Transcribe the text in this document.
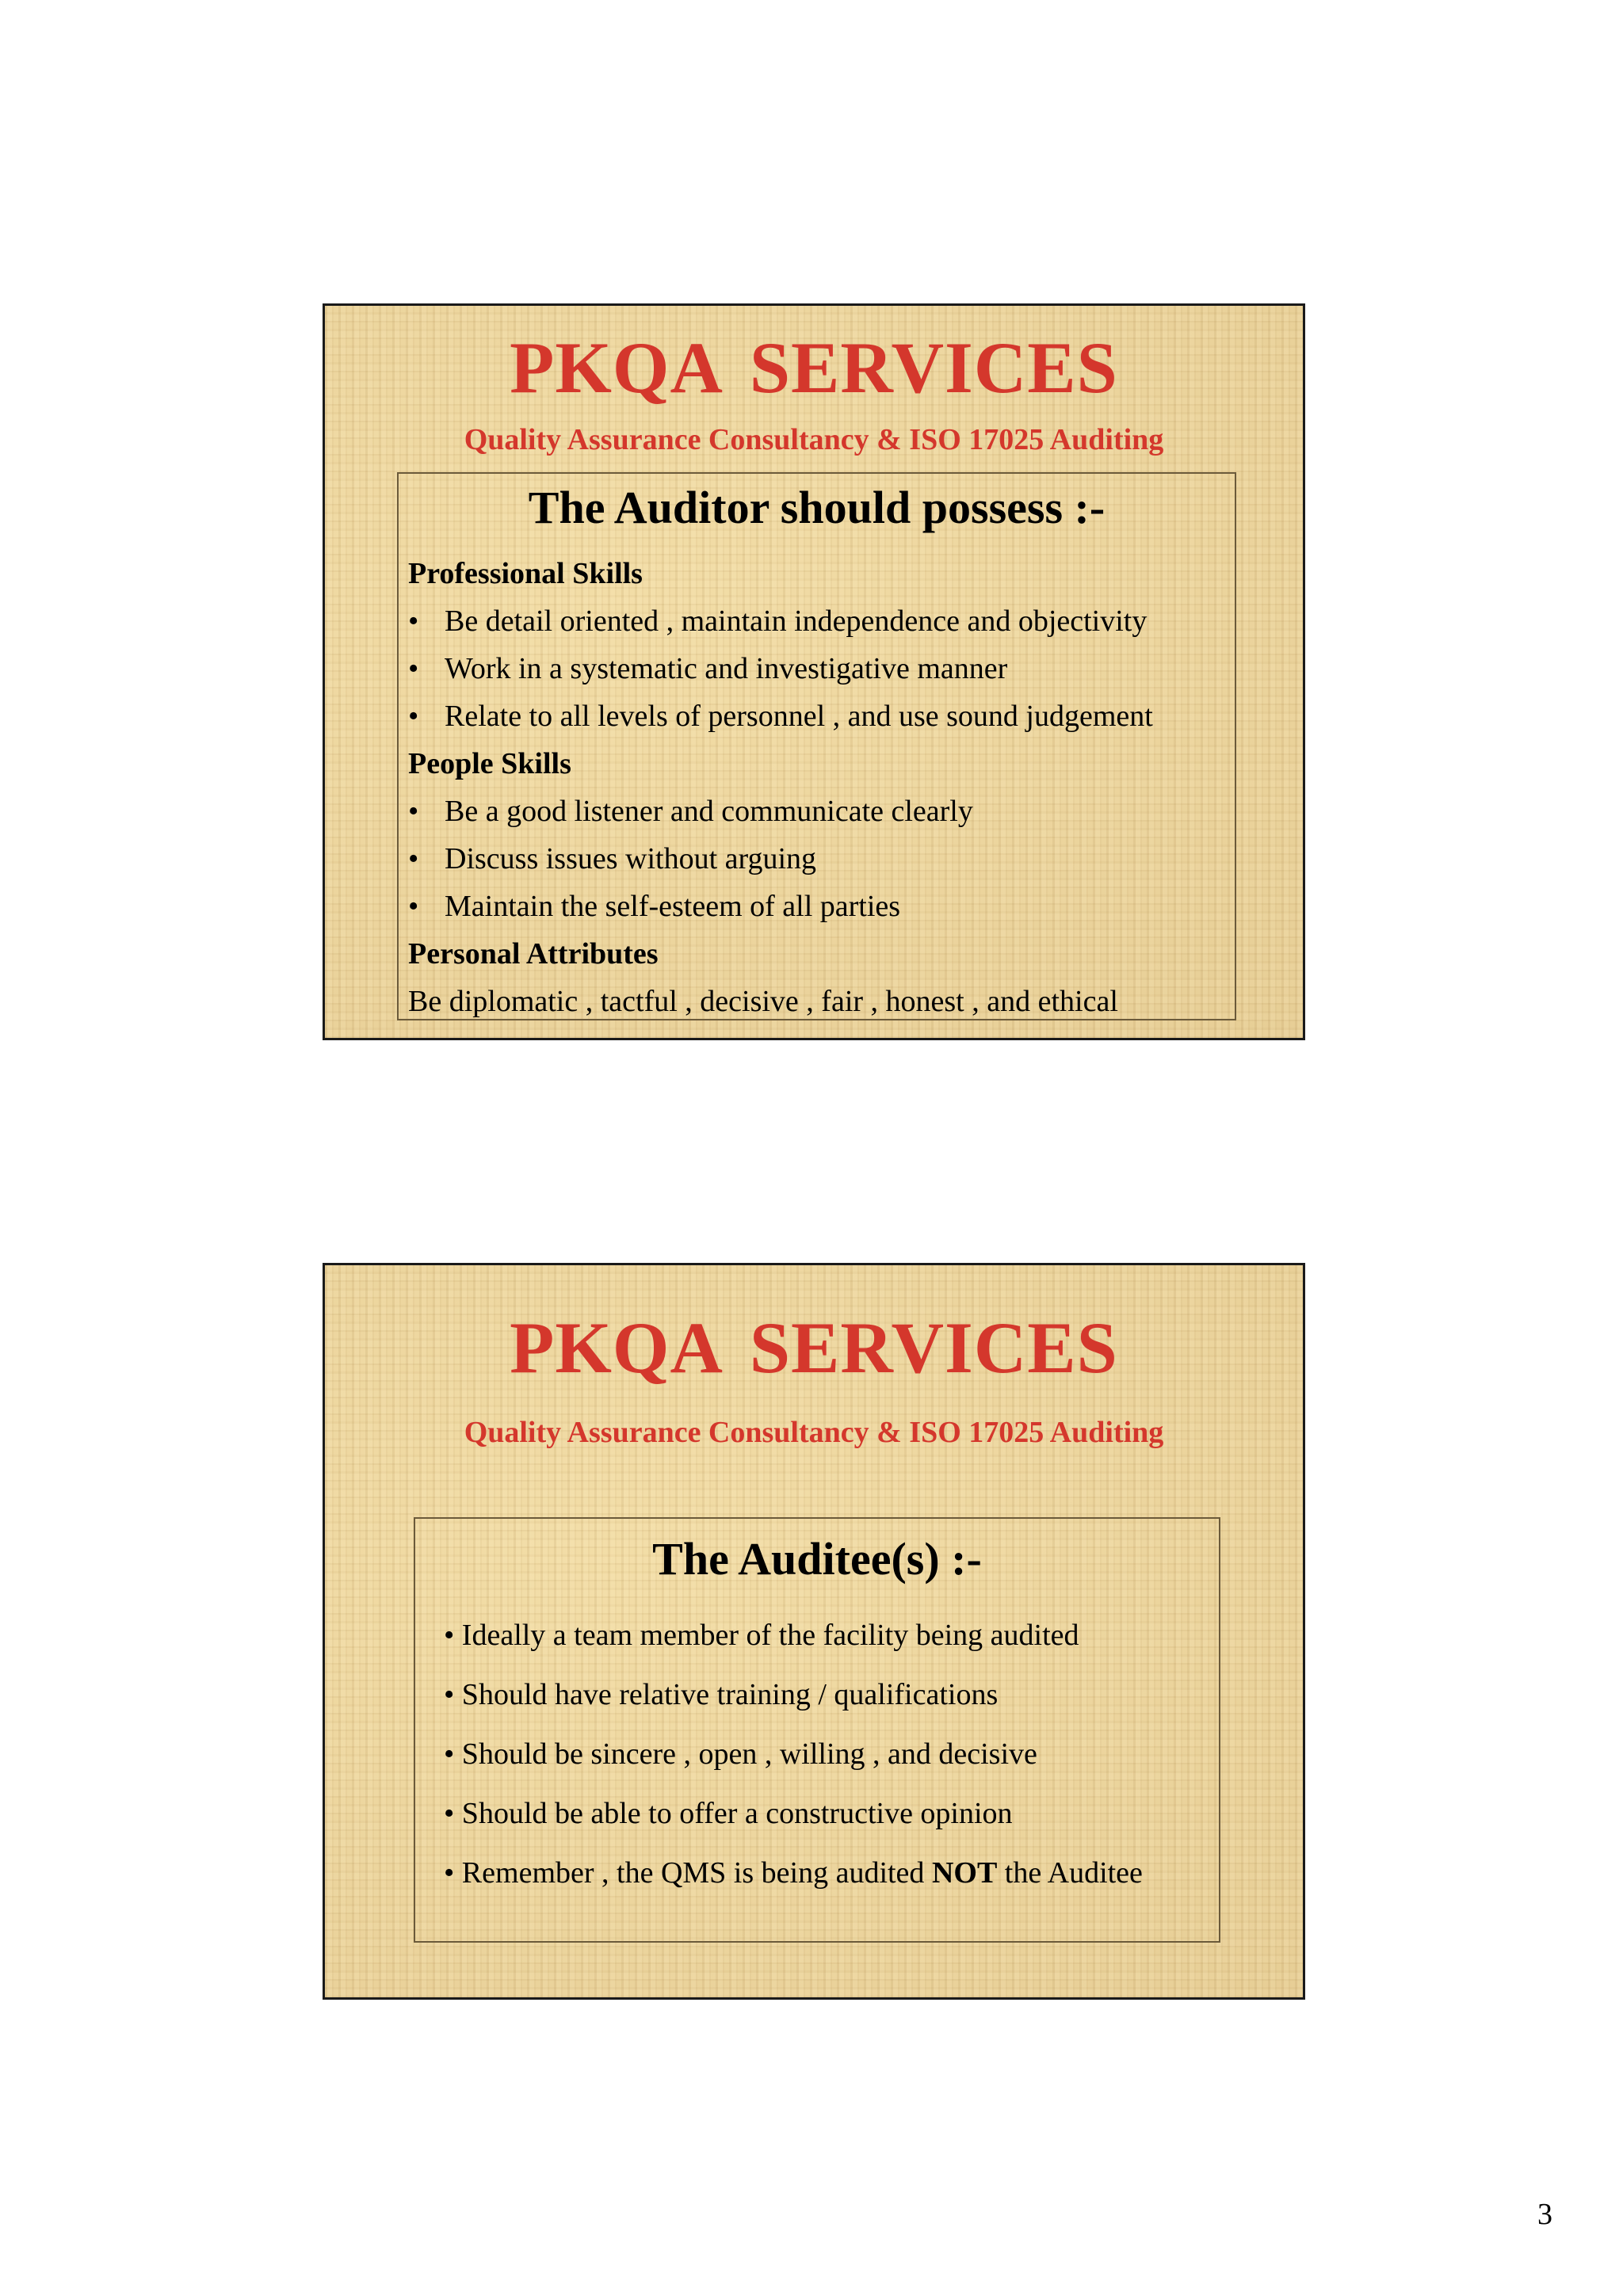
PKQA SERVICES
Quality Assurance Consultancy & ISO 17025 Auditing
The Auditor should possess :-
Professional Skills
• Be detail oriented , maintain independence and objectivity
• Work in a systematic and investigative manner
• Relate to all levels of personnel , and use sound judgement
People Skills
• Be a good listener and communicate clearly
• Discuss issues without arguing
• Maintain the self-esteem of all parties
Personal Attributes
Be diplomatic , tactful , decisive , fair , honest , and ethical
PKQA SERVICES
Quality Assurance Consultancy & ISO 17025 Auditing
The Auditee(s) :-
• Ideally a team member of the facility being audited
• Should have relative training / qualifications
• Should be sincere , open , willing , and decisive
• Should be able to offer a constructive opinion
• Remember , the QMS is being audited NOT the Auditee
3
